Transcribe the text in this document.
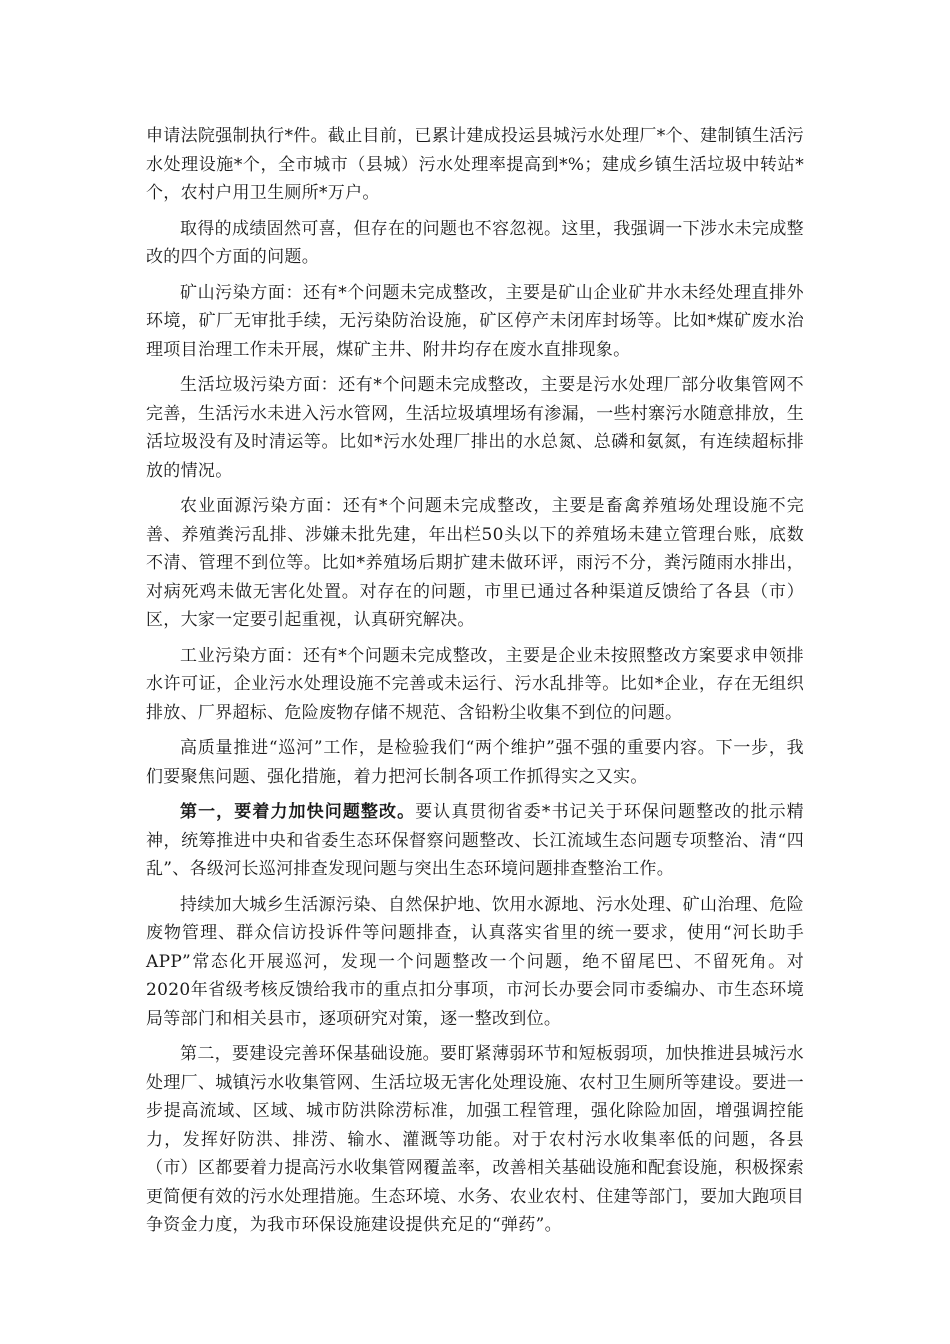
申请法院强制执行*件。截止目前，已累计建成投运县城污水处理厂*个、建制镇生活污水处理设施*个，全市城市（县城）污水处理率提高到*%；建成乡镇生活垃圾中转站*个，农村户用卫生厕所*万户。

取得的成绩固然可喜，但存在的问题也不容忽视。这里，我强调一下涉水未完成整改的四个方面的问题。

矿山污染方面：还有*个问题未完成整改，主要是矿山企业矿井水未经处理直排外环境，矿厂无审批手续，无污染防治设施，矿区停产未闭库封场等。比如*煤矿废水治理项目治理工作未开展，煤矿主井、附井均存在废水直排现象。

生活垃圾污染方面：还有*个问题未完成整改，主要是污水处理厂部分收集管网不完善，生活污水未进入污水管网，生活垃圾填埋场有渗漏，一些村寨污水随意排放，生活垃圾没有及时清运等。比如*污水处理厂排出的水总氮、总磷和氨氮，有连续超标排放的情况。

农业面源污染方面：还有*个问题未完成整改，主要是畜禽养殖场处理设施不完善、养殖粪污乱排、涉嫌未批先建，年出栏50头以下的养殖场未建立管理台账，底数不清、管理不到位等。比如*养殖场后期扩建未做环评，雨污不分，粪污随雨水排出，对病死鸡未做无害化处置。对存在的问题，市里已通过各种渠道反馈给了各县（市）区，大家一定要引起重视，认真研究解决。

工业污染方面：还有*个问题未完成整改，主要是企业未按照整改方案要求申领排水许可证，企业污水处理设施不完善或未运行、污水乱排等。比如*企业，存在无组织排放、厂界超标、危险废物存储不规范、含铅粉尘收集不到位的问题。

高质量推进“巡河”工作，是检验我们“两个维护”强不强的重要内容。下一步，我们要聚焦问题、强化措施，着力把河长制各项工作抓得实之又实。

第一，要着力加快问题整改。要认真贯彻省委*书记关于环保问题整改的批示精神，统筹推进中央和省委生态环保督察问题整改、长江流域生态问题专项整治、清“四乱”、各级河长巡河排查发现问题与突出生态环境问题排查整治工作。

持续加大城乡生活源污染、自然保护地、饮用水源地、污水处理、矿山治理、危险废物管理、群众信访投诉件等问题排查，认真落实省里的统一要求，使用“河长助手APP”常态化开展巡河，发现一个问题整改一个问题，绝不留尾巴、不留死角。对2020年省级考核反馈给我市的重点扣分事项，市河长办要会同市委编办、市生态环境局等部门和相关县市，逐项研究对策，逐一整改到位。

第二，要建设完善环保基础设施。要盯紧薄弱环节和短板弱项，加快推进县城污水处理厂、城镇污水收集管网、生活垃圾无害化处理设施、农村卫生厕所等建设。要进一步提高流域、区域、城市防洪除涝标准，加强工程管理，强化除险加固，增强调控能力，发挥好防洪、排涝、输水、灌溉等功能。对于农村污水收集率低的问题，各县（市）区都要着力提高污水收集管网覆盖率，改善相关基础设施和配套设施，积极探索更简便有效的污水处理措施。生态环境、水务、农业农村、住建等部门，要加大跑项目争资金力度，为我市环保设施建设提供充足的“弹药”。
